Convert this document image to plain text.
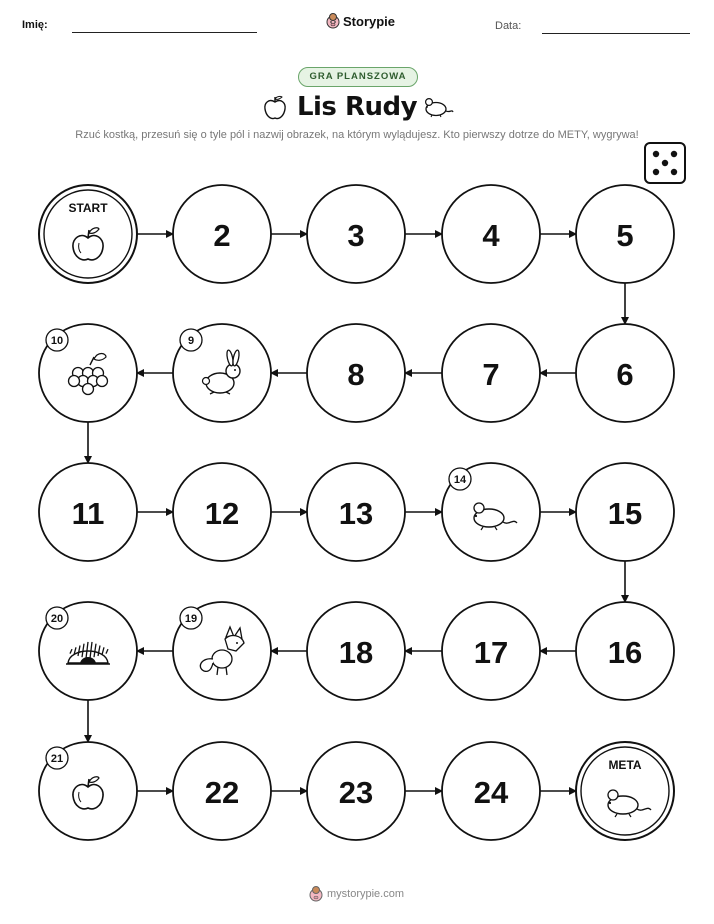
Imię:	Storypie	Data:
GRA PLANSZOWA
Lis Rudy
Rzuć kostką, przesuń się o tyle pól i nazwij obrazek, na którym wylądujesz. Kto pierwszy dotrze do METY, wygrywa!
START
2	3	4	5
10	9
8	7	6
11	12	13
14
15
20	19
18	17	16
21
22	23	24
META
mystorypie.com
